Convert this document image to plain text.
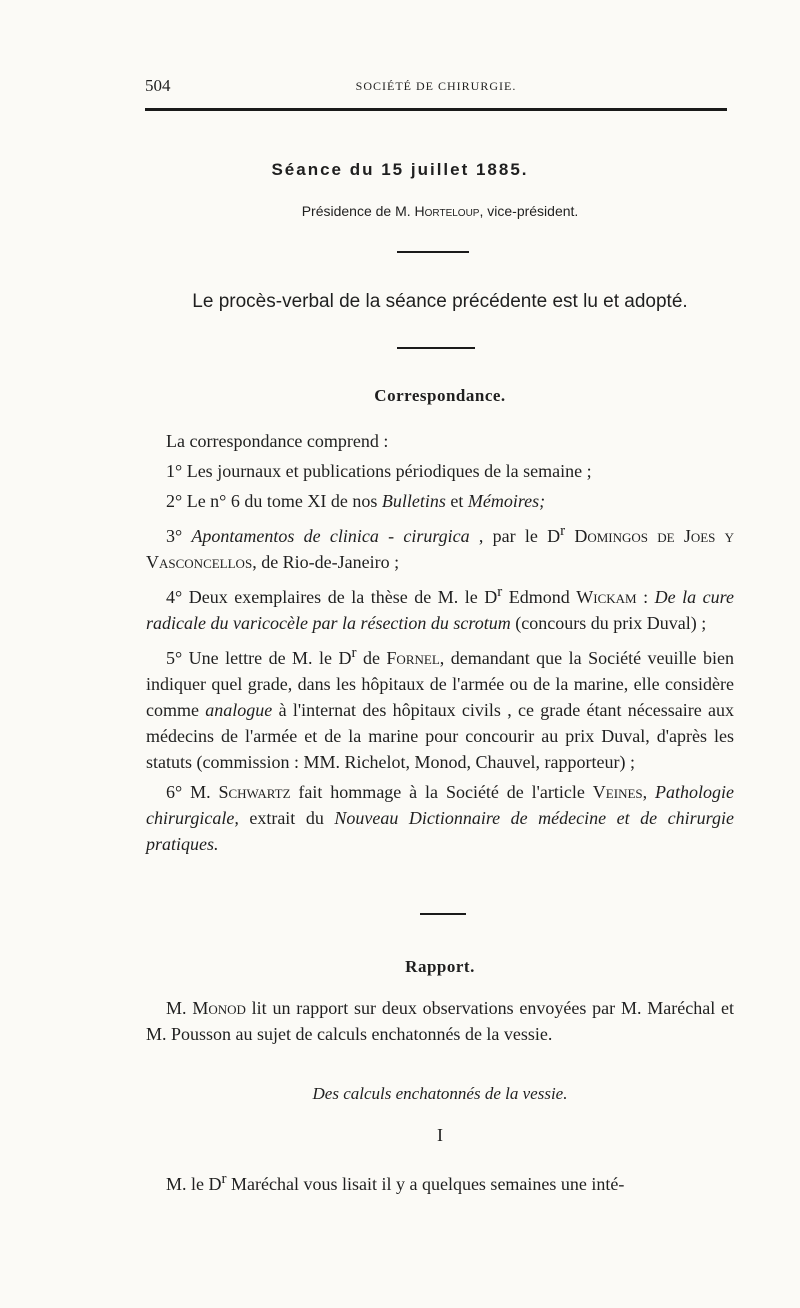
504	SOCIÉTÉ DE CHIRURGIE.
Séance du 15 juillet 1885.
Présidence de M. Horteloup, vice-président.
Le procès-verbal de la séance précédente est lu et adopté.
Correspondance.

La correspondance comprend :

1° Les journaux et publications périodiques de la semaine ;

2° Le n° 6 du tome XI de nos Bulletins et Mémoires;

3° Apontamentos de clinica - cirurgica , par le $D^r$ Domingos de Joes y Vasconcellos, de Rio-de-Janeiro ;

4° Deux exemplaires de la thèse de M. le $D^r$ Edmond Wickam : De la cure radicale du varicocèle par la résection du scrotum (concours du prix Duval) ;

5° Une lettre de M. le $D^r$ de Fornel, demandant que la Société veuille bien indiquer quel grade, dans les hôpitaux de l'armée ou de la marine, elle considère comme analogue à l'internat des hôpitaux civils , ce grade étant nécessaire aux médecins de l'armée et de la marine pour concourir au prix Duval, d'après les statuts (commission : MM. Richelot, Monod, Chauvel, rapporteur) ;

6° M. Schwartz fait hommage à la Société de l'article Veines, Pathologie chirurgicale, extrait du Nouveau Dictionnaire de médecine et de chirurgie pratiques.

Rapport.

M. Monod lit un rapport sur deux observations envoyées par M. Maréchal et M. Pousson au sujet de calculs enchatonnés de la vessie.

Des calculs enchatonnés de la vessie.
I

M. le $D^r$ Maréchal vous lisait il y a quelques semaines une inté-
